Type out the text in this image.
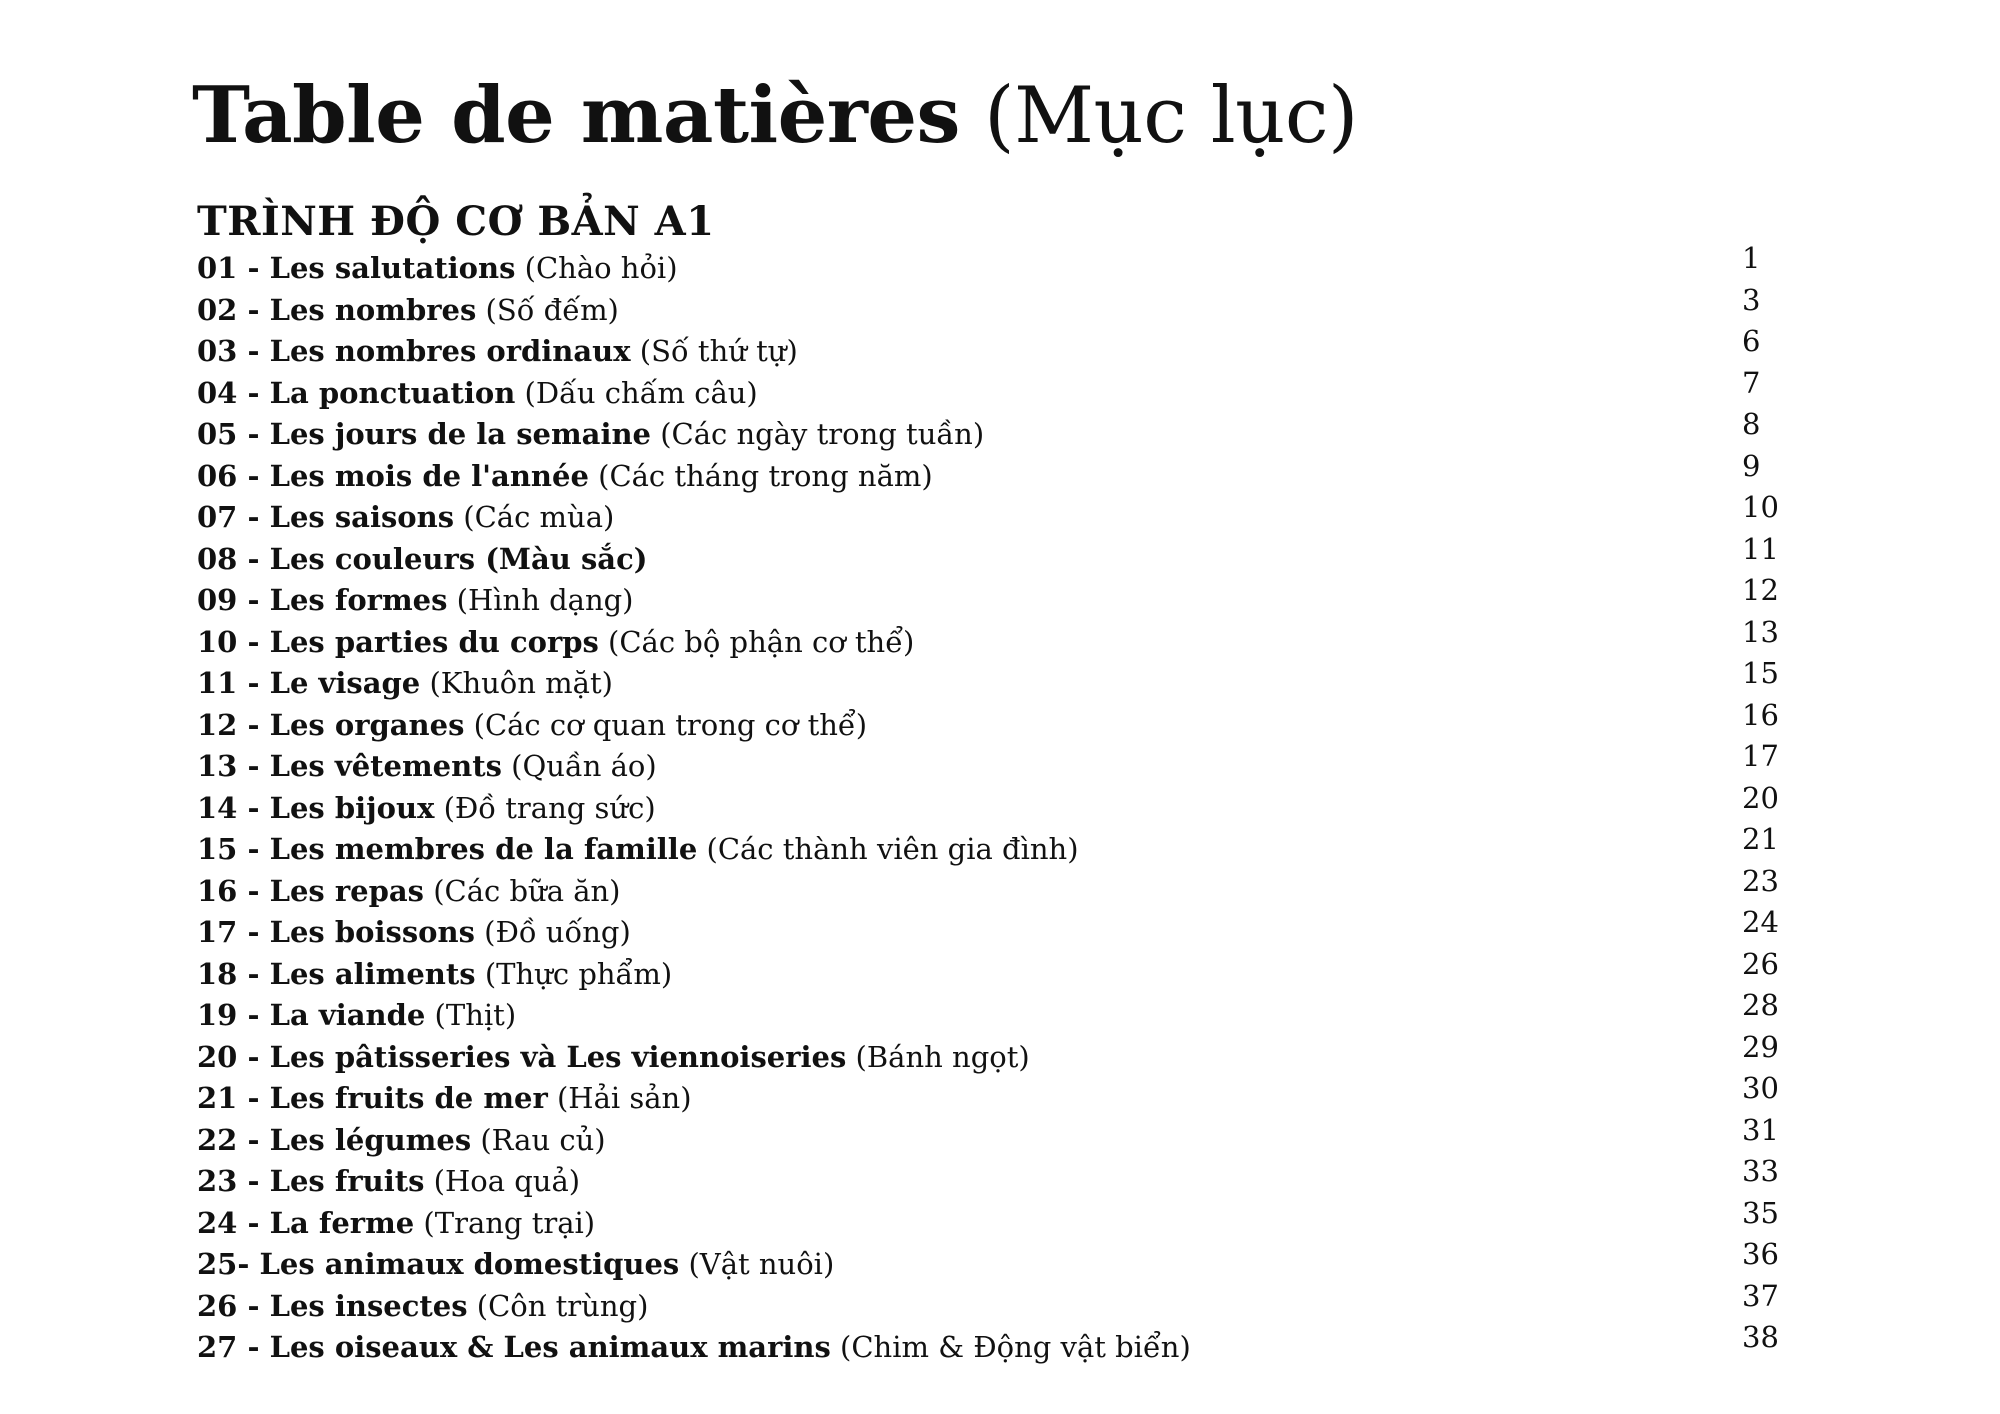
Table de matières (Mục lục)
TRÌNH ĐỘ CƠ BẢN A1
01 - Les salutations (Chào hỏi)
02 - Les nombres (Số đếm)
03 - Les nombres ordinaux (Số thứ tự)
04 - La ponctuation (Dấu chấm câu)
05 - Les jours de la semaine (Các ngày trong tuần)
06 - Les mois de l'année (Các tháng trong năm)
07 - Les saisons (Các mùa)
08 - Les couleurs (Màu sắc)
09 - Les formes (Hình dạng)
10 - Les parties du corps (Các bộ phận cơ thể)
11 - Le visage (Khuôn mặt)
12 - Les organes (Các cơ quan trong cơ thể)
13 - Les vêtements (Quần áo)
14 - Les bijoux (Đồ trang sức)
15 - Les membres de la famille (Các thành viên gia đình)
16 - Les repas (Các bữa ăn)
17 - Les boissons (Đồ uống)
18 - Les aliments (Thực phẩm)
19 - La viande (Thịt)
20 - Les pâtisseries và Les viennoiseries (Bánh ngọt)
21 - Les fruits de mer (Hải sản)
22 - Les légumes (Rau củ)
23 - Les fruits (Hoa quả)
24 - La ferme (Trang trại)
25- Les animaux domestiques (Vật nuôi)
26 - Les insectes (Côn trùng)
27 - Les oiseaux & Les animaux marins (Chim & Động vật biển)
1
3
6
7
8
9
10
11
12
13
15
16
17
20
21
23
24
26
28
29
30
31
33
35
36
37
38
